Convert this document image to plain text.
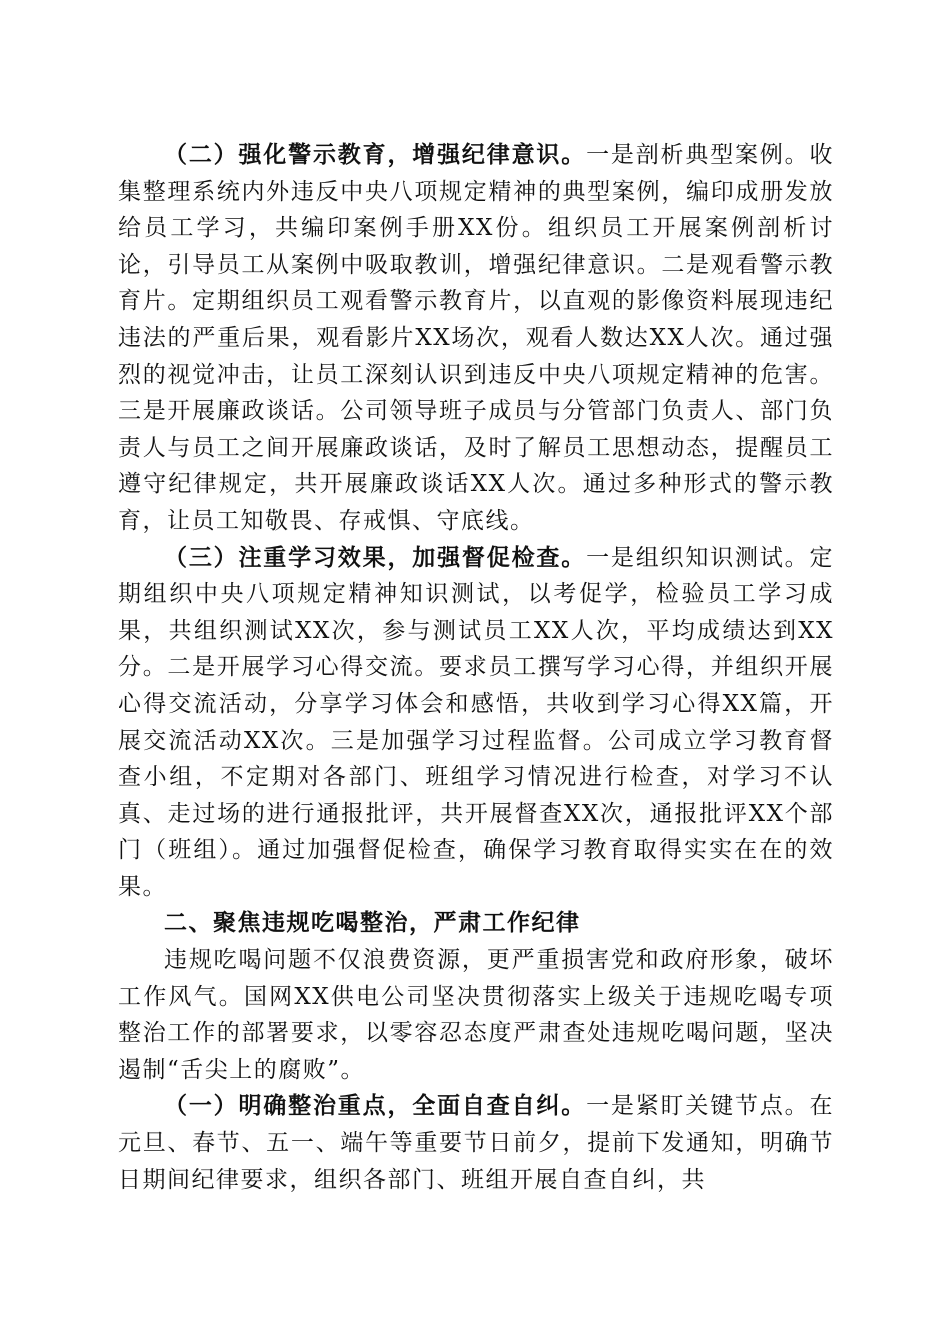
（二）强化警示教育，增强纪律意识。一是剖析典型案例。收集整理系统内外违反中央八项规定精神的典型案例，编印成册发放给员工学习，共编印案例手册XX份。组织员工开展案例剖析讨论，引导员工从案例中吸取教训，增强纪律意识。二是观看警示教育片。定期组织员工观看警示教育片，以直观的影像资料展现违纪违法的严重后果，观看影片XX场次，观看人数达XX人次。通过强烈的视觉冲击，让员工深刻认识到违反中央八项规定精神的危害。三是开展廉政谈话。公司领导班子成员与分管部门负责人、部门负责人与员工之间开展廉政谈话，及时了解员工思想动态，提醒员工遵守纪律规定，共开展廉政谈话XX人次。通过多种形式的警示教育，让员工知敬畏、存戒惧、守底线。

（三）注重学习效果，加强督促检查。一是组织知识测试。定期组织中央八项规定精神知识测试，以考促学，检验员工学习成果，共组织测试XX次，参与测试员工XX人次，平均成绩达到XX分。二是开展学习心得交流。要求员工撰写学习心得，并组织开展心得交流活动，分享学习体会和感悟，共收到学习心得XX篇，开展交流活动XX次。三是加强学习过程监督。公司成立学习教育督查小组，不定期对各部门、班组学习情况进行检查，对学习不认真、走过场的进行通报批评，共开展督查XX次，通报批评XX个部门（班组）。通过加强督促检查，确保学习教育取得实实在在的效果。

二、聚焦违规吃喝整治，严肃工作纪律

违规吃喝问题不仅浪费资源，更严重损害党和政府形象，破坏工作风气。国网XX供电公司坚决贯彻落实上级关于违规吃喝专项整治工作的部署要求，以零容忍态度严肃查处违规吃喝问题，坚决遏制“舌尖上的腐败”。

（一）明确整治重点，全面自查自纠。一是紧盯关键节点。在元旦、春节、五一、端午等重要节日前夕，提前下发通知，明确节日期间纪律要求，组织各部门、班组开展自查自纠，共
